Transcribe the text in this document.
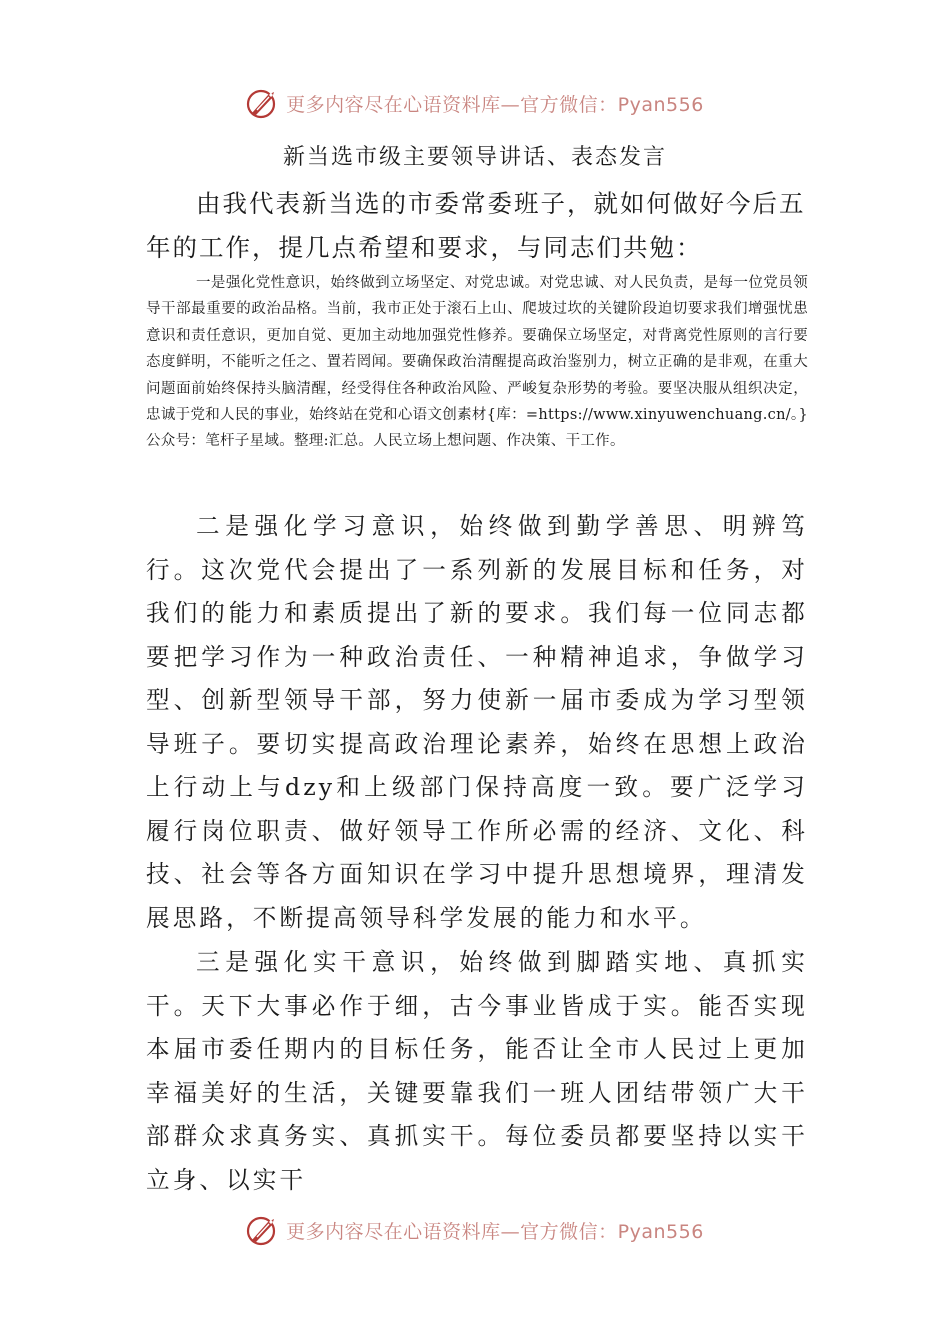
更多内容尽在心语资料库—官方微信：Pyan556
新当选市级主要领导讲话、表态发言

由我代表新当选的市委常委班子，就如何做好今后五年的工作，提几点希望和要求，与同志们共勉：

一是强化党性意识，始终做到立场坚定、对党忠诚。对党忠诚、对人民负责，是每一位党员领导干部最重要的政治品格。当前，我市正处于滚石上山、爬坡过坎的关键阶段迫切要求我们增强忧患意识和责任意识，更加自觉、更加主动地加强党性修养。要确保立场坚定，对背离党性原则的言行要态度鲜明，不能听之任之、置若罔闻。要确保政治清醒提高政治鉴别力，树立正确的是非观，在重大问题面前始终保持头脑清醒，经受得住各种政治风险、严峻复杂形势的考验。要坚决服从组织决定，忠诚于党和人民的事业，始终站在党和心语文创素材{库：=https://www.xinyuwenchuang.cn/。}公众号：笔杆子星域。整理:汇总。人民立场上想问题、作决策、干工作。

二是强化学习意识，始终做到勤学善思、明辨笃行。这次党代会提出了一系列新的发展目标和任务，对我们的能力和素质提出了新的要求。我们每一位同志都要把学习作为一种政治责任、一种精神追求，争做学习型、创新型领导干部，努力使新一届市委成为学习型领导班子。要切实提高政治理论素养，始终在思想上政治上行动上与dzy和上级部门保持高度一致。要广泛学习履行岗位职责、做好领导工作所必需的经济、文化、科技、社会等各方面知识在学习中提升思想境界，理清发展思路，不断提高领导科学发展的能力和水平。

三是强化实干意识，始终做到脚踏实地、真抓实干。天下大事必作于细，古今事业皆成于实。能否实现本届市委任期内的目标任务，能否让全市人民过上更加幸福美好的生活，关键要靠我们一班人团结带领广大干部群众求真务实、真抓实干。每位委员都要坚持以实干立身、以实干

更多内容尽在心语资料库—官方微信：Pyan556
